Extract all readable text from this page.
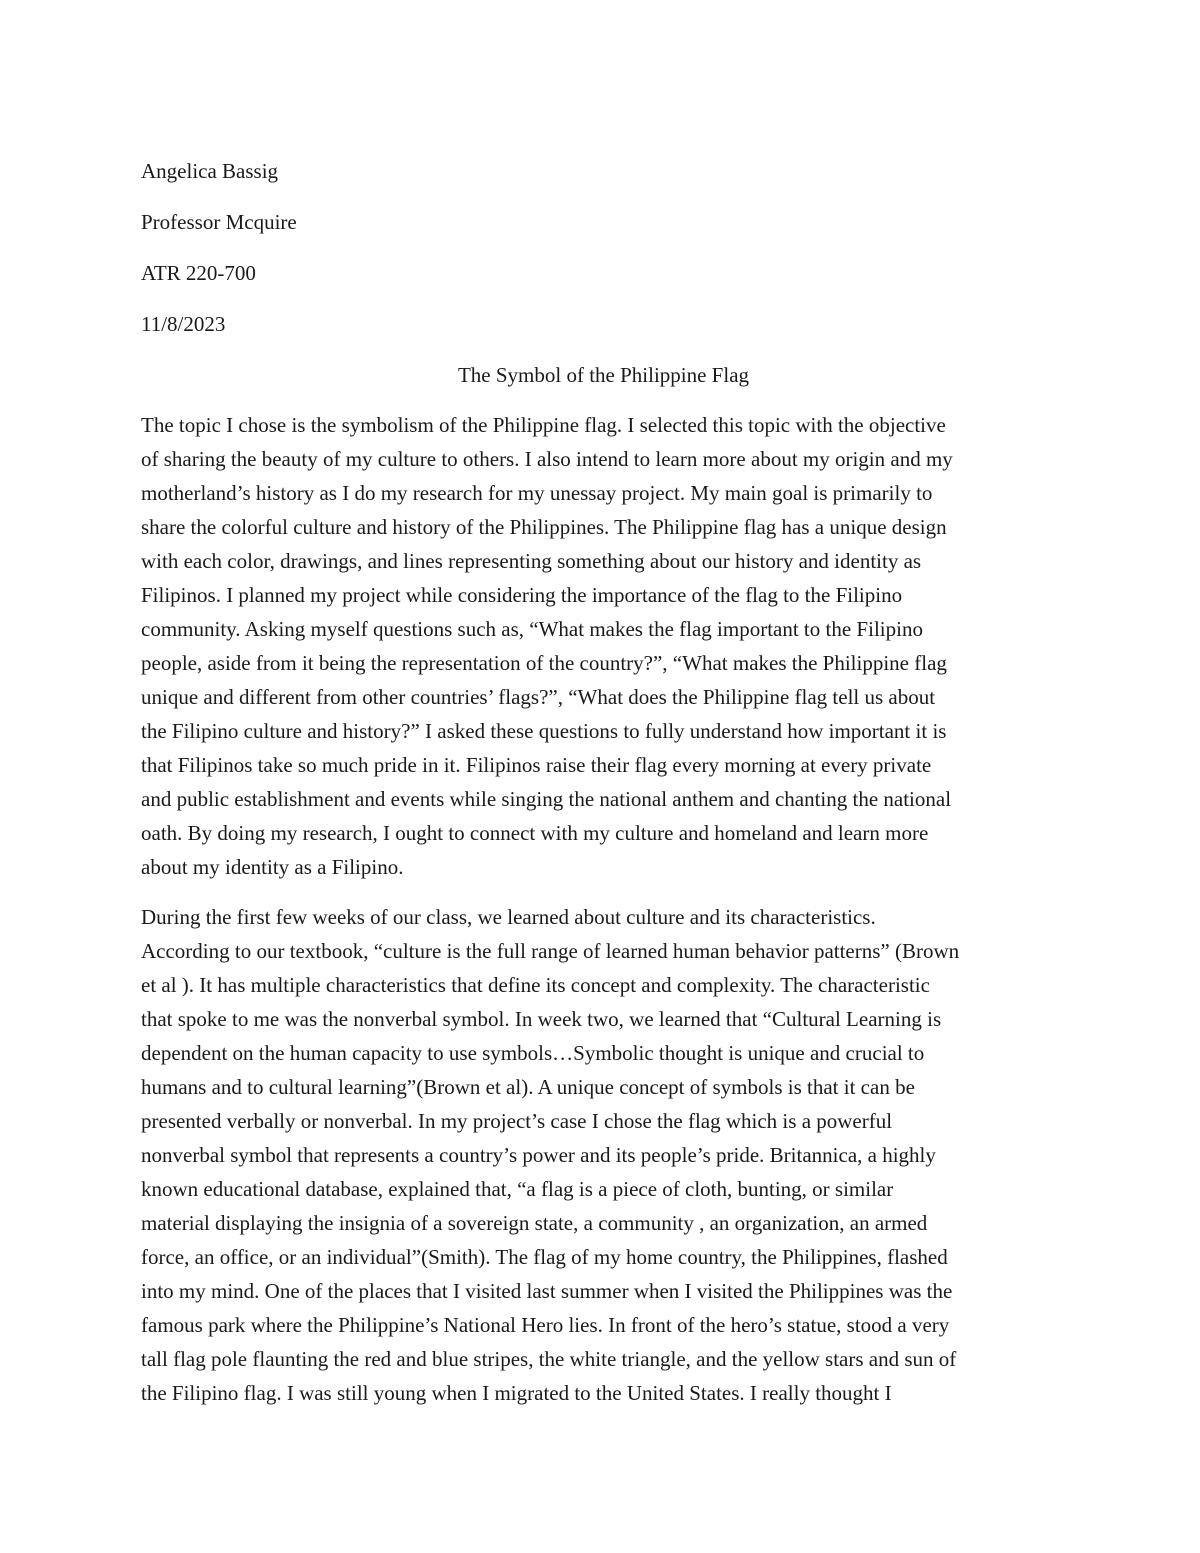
Angelica Bassig
Professor Mcquire
ATR 220-700
11/8/2023
The Symbol of the Philippine Flag
The topic I chose is the symbolism of the Philippine flag. I selected this topic with the objective
of sharing the beauty of my culture to others. I also intend to learn more about my origin and my
motherland’s history as I do my research for my unessay project. My main goal is primarily to
share the colorful culture and history of the Philippines. The Philippine flag has a unique design
with each color, drawings, and lines representing something about our history and identity as
Filipinos. I planned my project while considering the importance of the flag to the Filipino
community. Asking myself questions such as, “What makes the flag important to the Filipino
people, aside from it being the representation of the country?”, “What makes the Philippine flag
unique and different from other countries’ flags?”, “What does the Philippine flag tell us about
the Filipino culture and history?” I asked these questions to fully understand how important it is
that Filipinos take so much pride in it. Filipinos raise their flag every morning at every private
and public establishment and events while singing the national anthem and chanting the national
oath. By doing my research, I ought to connect with my culture and homeland and learn more
about my identity as a Filipino.
During the first few weeks of our class, we learned about culture and its characteristics.
According to our textbook, “culture is the full range of learned human behavior patterns” (Brown
et al ). It has multiple characteristics that define its concept and complexity. The characteristic
that spoke to me was the nonverbal symbol. In week two, we learned that “Cultural Learning is
dependent on the human capacity to use symbols…Symbolic thought is unique and crucial to
humans and to cultural learning”(Brown et al). A unique concept of symbols is that it can be
presented verbally or nonverbal. In my project’s case I chose the flag which is a powerful
nonverbal symbol that represents a country’s power and its people’s pride. Britannica, a highly
known educational database, explained that, “a flag is a piece of cloth, bunting, or similar
material displaying the insignia of a sovereign state, a community , an organization, an armed
force, an office, or an individual”(Smith). The flag of my home country, the Philippines, flashed
into my mind. One of the places that I visited last summer when I visited the Philippines was the
famous park where the Philippine’s National Hero lies. In front of the hero’s statue, stood a very
tall flag pole flaunting the red and blue stripes, the white triangle, and the yellow stars and sun of
the Filipino flag. I was still young when I migrated to the United States. I really thought I
